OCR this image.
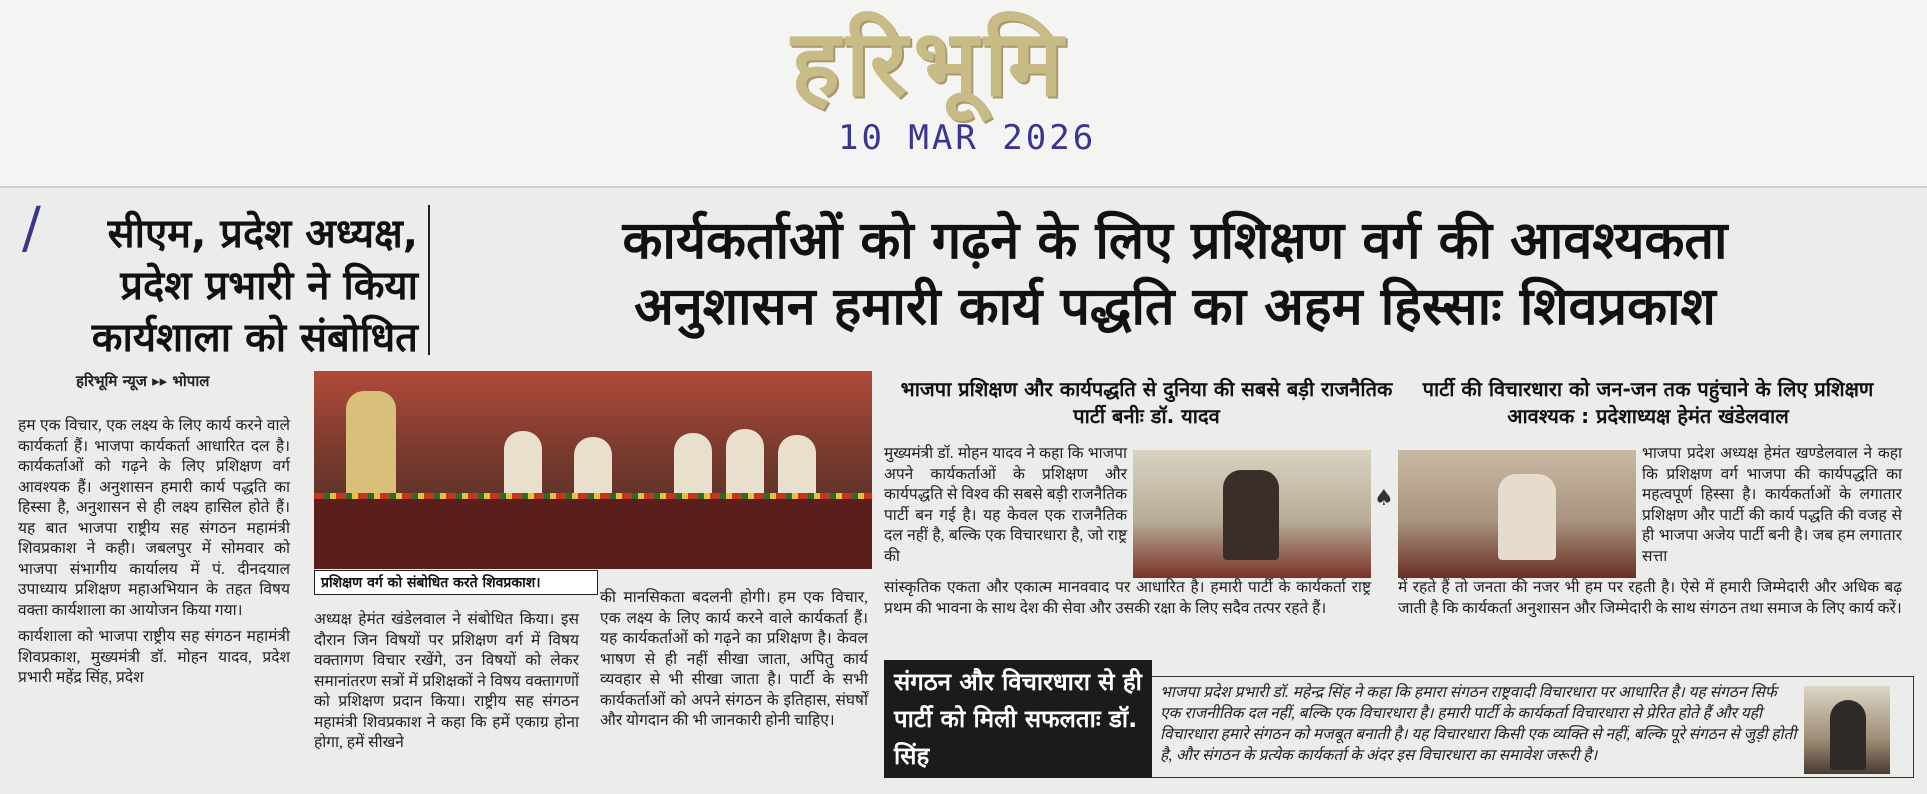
हरिभूमि
10 MAR 2026
/	सीएम, प्रदेश अध्यक्ष,
प्रदेश प्रभारी ने किया
कार्यशाला को संबोधित
कार्यकर्ताओं को गढ़ने के लिए प्रशिक्षण वर्ग की आवश्यकता
अनुशासन हमारी कार्य पद्धति का अहम हिस्साः शिवप्रकाश
हरिभूमि न्यूज ▸▸ भोपाल

हम एक विचार, एक लक्ष्य के लिए कार्य करने वाले कार्यकर्ता हैं। भाजपा कार्यकर्ता आधारित दल है। कार्यकर्ताओं को गढ़ने के लिए प्रशिक्षण वर्ग आवश्यक हैं। अनुशासन हमारी कार्य पद्धति का हिस्सा है, अनुशासन से ही लक्ष्य हासिल होते हैं। यह बात भाजपा राष्ट्रीय सह संगठन महामंत्री शिवप्रकाश ने कही। जबलपुर में सोमवार को भाजपा संभागीय कार्यालय में पं. दीनदयाल उपाध्याय प्रशिक्षण महाअभियान के तहत विषय वक्ता कार्यशाला का आयोजन किया गया।

कार्यशाला को भाजपा राष्ट्रीय सह संगठन महामंत्री शिवप्रकाश, मुख्यमंत्री डॉ. मोहन यादव, प्रदेश प्रभारी महेंद्र सिंह, प्रदेश

प्रशिक्षण वर्ग को संबोधित करते शिवप्रकाश।
अध्यक्ष हेमंत खंडेलवाल ने संबोधित किया। इस दौरान जिन विषयों पर प्रशिक्षण वर्ग में विषय वक्तागण विचार रखेंगे, उन विषयों को लेकर समानांतरण सत्रों में प्रशिक्षकों ने विषय वक्तागणों को प्रशिक्षण प्रदान किया। राष्ट्रीय सह संगठन महामंत्री शिवप्रकाश ने कहा कि हमें एकाग्र होना होगा, हमें सीखने
की मानसिकता बदलनी होगी। हम एक विचार, एक लक्ष्य के लिए कार्य करने वाले कार्यकर्ता हैं। यह कार्यकर्ताओं को गढ़ने का प्रशिक्षण है। केवल भाषण से ही नहीं सीखा जाता, अपितु कार्य व्यवहार से भी सीखा जाता है। पार्टी के सभी कार्यकर्ताओं को अपने संगठन के इतिहास, संघर्षों और योगदान की भी जानकारी होनी चाहिए।
भाजपा प्रशिक्षण और कार्यपद्धति से दुनिया की सबसे बड़ी राजनैतिक पार्टी बनीः डॉ. यादव
पार्टी की विचारधारा को जन-जन तक पहुंचाने के लिए प्रशिक्षण आवश्यक : प्रदेशाध्यक्ष हेमंत खंडेलवाल
मुख्यमंत्री डॉ. मोहन यादव ने कहा कि भाजपा अपने कार्यकर्ताओं के प्रशिक्षण और कार्यपद्धति से विश्व की सबसे बड़ी राजनैतिक पार्टी बन गई है। यह केवल एक राजनैतिक दल नहीं है, बल्कि एक विचारधारा है, जो राष्ट्र की
सांस्कृतिक एकता और एकात्म मानववाद पर आधारित है। हमारी पार्टी के कार्यकर्ता राष्ट्र प्रथम की भावना के साथ देश की सेवा और उसकी रक्षा के लिए सदैव तत्पर रहते हैं।
♠
भाजपा प्रदेश अध्यक्ष हेमंत खण्डेलवाल ने कहा कि प्रशिक्षण वर्ग भाजपा की कार्यपद्धति का महत्वपूर्ण हिस्सा है। कार्यकर्ताओं के लगातार प्रशिक्षण और पार्टी की कार्य पद्धति की वजह से ही भाजपा अजेय पार्टी बनी है। जब हम लगातार सत्ता
में रहते हैं तो जनता की नजर भी हम पर रहती है। ऐसे में हमारी जिम्मेदारी और अधिक बढ़ जाती है कि कार्यकर्ता अनुशासन और जिम्मेदारी के साथ संगठन तथा समाज के लिए कार्य करें।
संगठन और विचारधारा से ही पार्टी को मिली सफलताः डॉ. सिंह
भाजपा प्रदेश प्रभारी डॉ. महेन्द्र सिंह ने कहा कि हमारा संगठन राष्ट्रवादी विचारधारा पर आधारित है। यह संगठन सिर्फ एक राजनीतिक दल नहीं, बल्कि एक विचारधारा है। हमारी पार्टी के कार्यकर्ता विचारधारा से प्रेरित होते हैं और यही विचारधारा हमारे संगठन को मजबूत बनाती है। यह विचारधारा किसी एक व्यक्ति से नहीं, बल्कि पूरे संगठन से जुड़ी होती है, और संगठन के प्रत्येक कार्यकर्ता के अंदर इस विचारधारा का समावेश जरूरी है।
